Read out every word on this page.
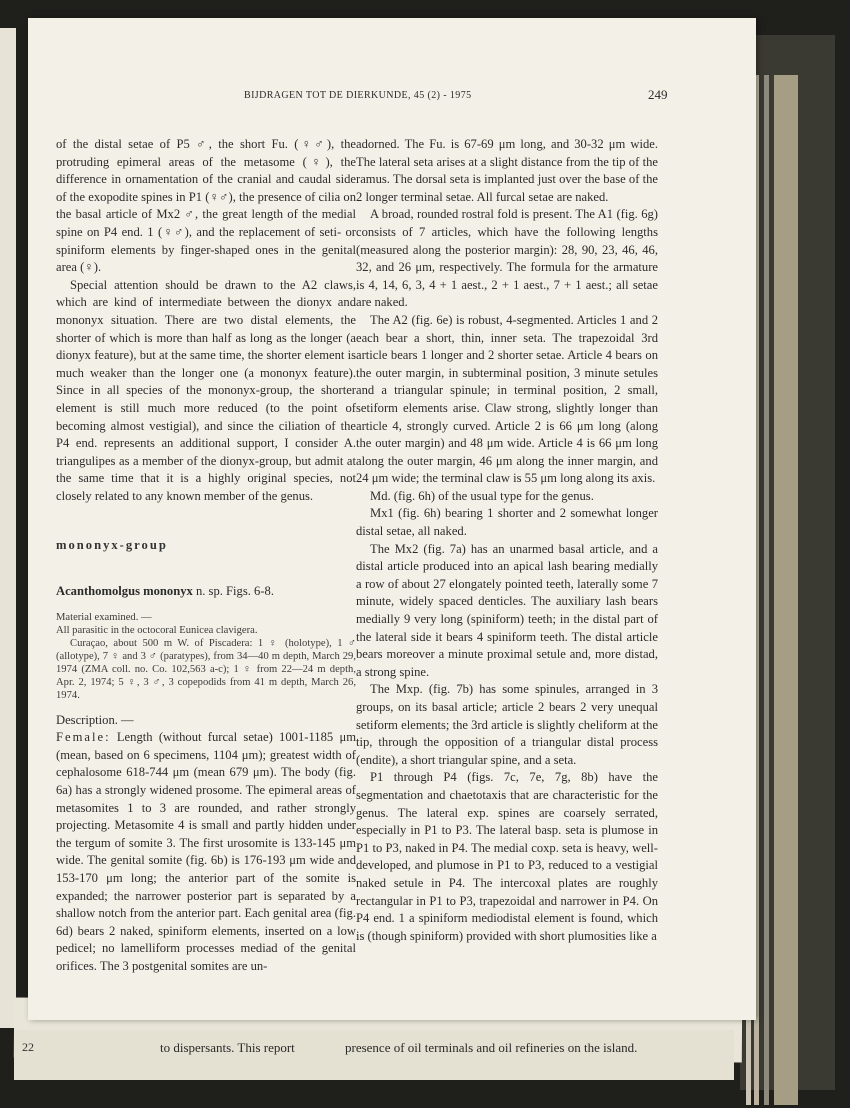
22	to dispersants. This report	presence of oil terminals and oil refineries on the island.
BIJDRAGEN TOT DE DIERKUNDE, 45 (2) - 1975	249

of the distal setae of P5 ♂, the short Fu. (♀♂), the protruding epimeral areas of the metasome (♀), the difference in ornamentation of the cranial and caudal side of the exopodite spines in P1 (♀♂), the presence of cilia on the basal article of Mx2 ♂, the great length of the medial spine on P4 end. 1 (♀♂), and the replacement of seti- or spiniform elements by finger-shaped ones in the genital area (♀).

Special attention should be drawn to the A2 claws, which are kind of intermediate between the dionyx and mononyx situation. There are two distal elements, the shorter of which is more than half as long as the longer (a dionyx feature), but at the same time, the shorter element is much weaker than the longer one (a mononyx feature). Since in all species of the mononyx-group, the shorter element is still much more reduced (to the point of becoming almost vestigial), and since the ciliation of the P4 end. represents an additional support, I consider A. triangulipes as a member of the dionyx-group, but admit at the same time that it is a highly original species, not closely related to any known member of the genus.

mononyx-group

Acanthomolgus mononyx n. sp. Figs. 6-8.

Material examined. —

All parasitic in the octocoral Eunicea clavigera.

Curaçao, about 500 m W. of Piscadera: 1 ♀ (holotype), 1 ♂ (allotype), 7 ♀ and 3 ♂ (paratypes), from 34—40 m depth, March 29, 1974 (ZMA coll. no. Co. 102,563 a-c); 1 ♀ from 22—24 m depth, Apr. 2, 1974; 5 ♀, 3 ♂, 3 copepodids from 41 m depth, March 26, 1974.

Description. —

Female: Length (without furcal setae) 1001-1185 μm (mean, based on 6 specimens, 1104 μm); greatest width of cephalosome 618-744 μm (mean 679 μm). The body (fig. 6a) has a strongly widened prosome. The epimeral areas of metasomites 1 to 3 are rounded, and rather strongly projecting. Metasomite 4 is small and partly hidden under the tergum of somite 3. The first urosomite is 133-145 μm wide. The genital somite (fig. 6b) is 176-193 μm wide and 153-170 μm long; the anterior part of the somite is expanded; the narrower posterior part is separated by a shallow notch from the anterior part. Each genital area (fig. 6d) bears 2 naked, spiniform elements, inserted on a low pedicel; no lamelliform processes mediad of the genital orifices. The 3 postgenital somites are un-

adorned. The Fu. is 67-69 μm long, and 30-32 μm wide. The lateral seta arises at a slight distance from the tip of the ramus. The dorsal seta is implanted just over the base of the 2 longer terminal setae. All furcal setae are naked.

A broad, rounded rostral fold is present. The A1 (fig. 6g) consists of 7 articles, which have the following lengths (measured along the posterior margin): 28, 90, 23, 46, 46, 32, and 26 μm, respectively. The formula for the armature is 4, 14, 6, 3, 4 + 1 aest., 2 + 1 aest., 7 + 1 aest.; all setae are naked.

The A2 (fig. 6e) is robust, 4-segmented. Articles 1 and 2 each bear a short, thin, inner seta. The trapezoidal 3rd article bears 1 longer and 2 shorter setae. Article 4 bears on the outer margin, in subterminal position, 3 minute setules and a triangular spinule; in terminal position, 2 small, setiform elements arise. Claw strong, slightly longer than article 4, strongly curved. Article 2 is 66 μm long (along the outer margin) and 48 μm wide. Article 4 is 66 μm long along the outer margin, 46 μm along the inner margin, and 24 μm wide; the terminal claw is 55 μm long along its axis.

Md. (fig. 6h) of the usual type for the genus.

Mx1 (fig. 6h) bearing 1 shorter and 2 somewhat longer distal setae, all naked.

The Mx2 (fig. 7a) has an unarmed basal article, and a distal article produced into an apical lash bearing medially a row of about 27 elongately pointed teeth, laterally some 7 minute, widely spaced denticles. The auxiliary lash bears medially 9 very long (spiniform) teeth; in the distal part of the lateral side it bears 4 spiniform teeth. The distal article bears moreover a minute proximal setule and, more distad, a strong spine.

The Mxp. (fig. 7b) has some spinules, arranged in 3 groups, on its basal article; article 2 bears 2 very unequal setiform elements; the 3rd article is slightly cheliform at the tip, through the opposition of a triangular distal process (endite), a short triangular spine, and a seta.

P1 through P4 (figs. 7c, 7e, 7g, 8b) have the segmentation and chaetotaxis that are characteristic for the genus. The lateral exp. spines are coarsely serrated, especially in P1 to P3. The lateral basp. seta is plumose in P1 to P3, naked in P4. The medial coxp. seta is heavy, well-developed, and plumose in P1 to P3, reduced to a vestigial naked setule in P4. The intercoxal plates are roughly rectangular in P1 to P3, trapezoidal and narrower in P4. On P4 end. 1 a spiniform mediodistal element is found, which is (though spiniform) provided with short plumosities like a
